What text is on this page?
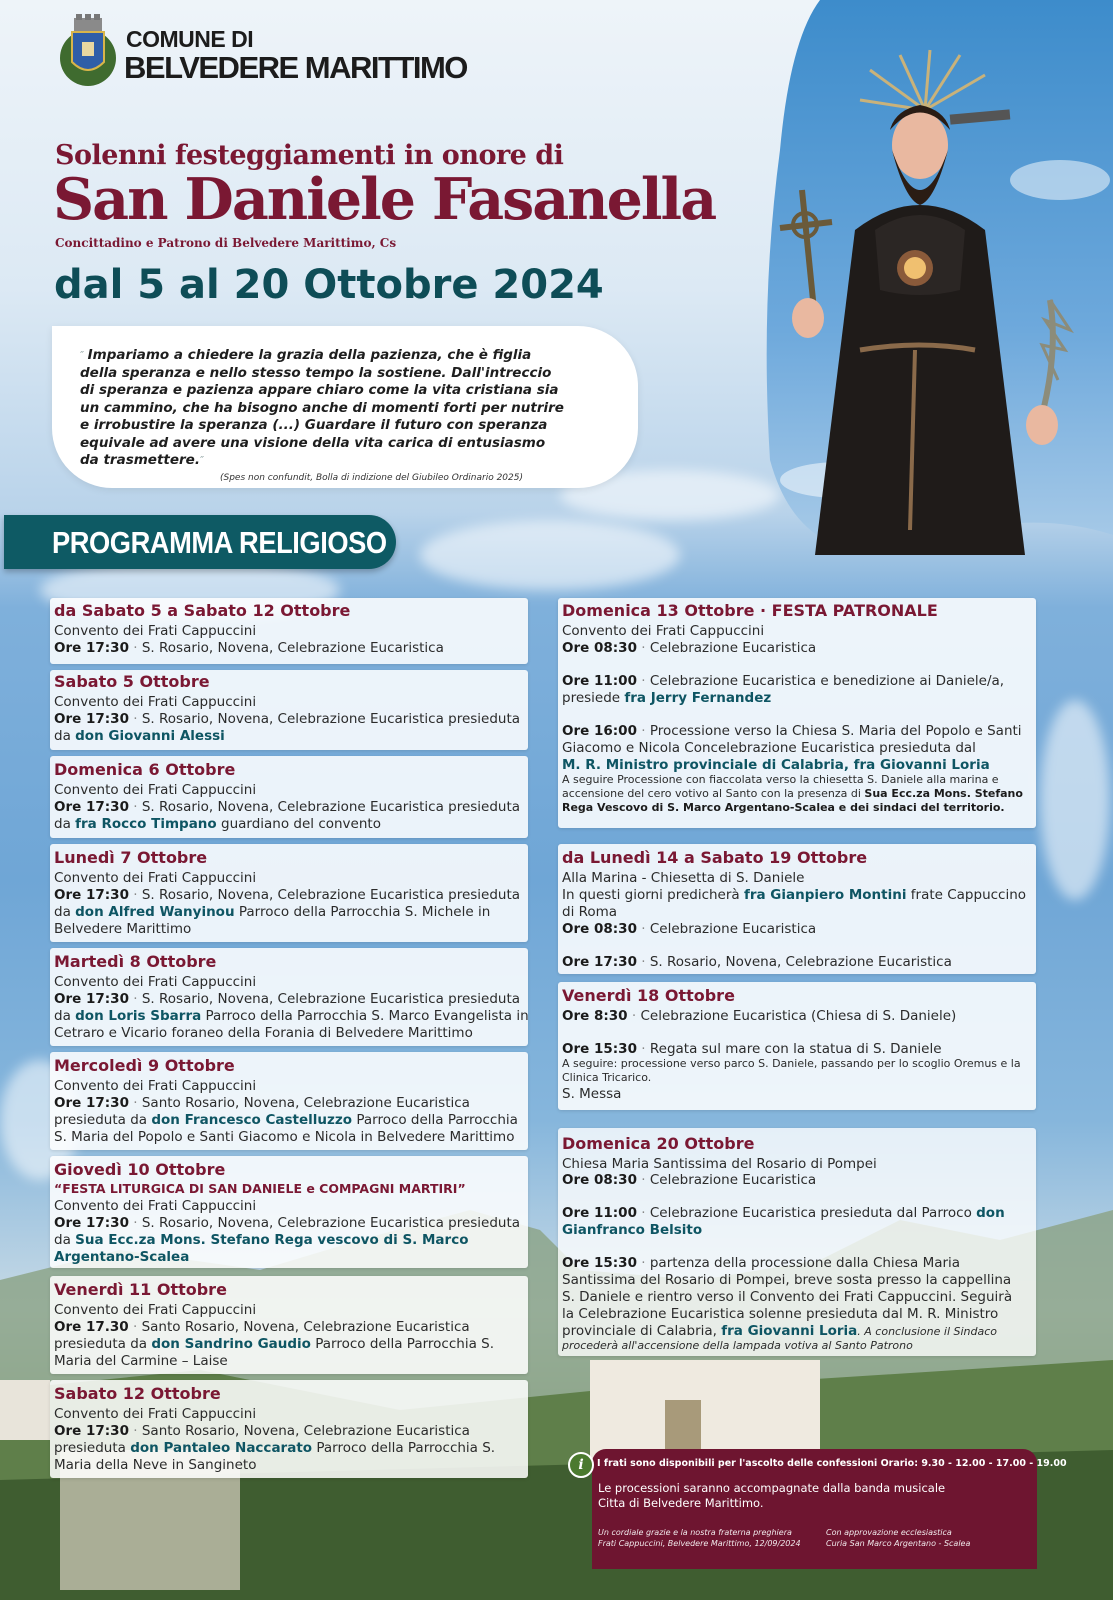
COMUNE DI
BELVEDERE MARITTIMO
Solenni festeggiamenti in onore di
San Daniele Fasanella
Concittadino e Patrono di Belvedere Marittimo, Cs
dal 5 al 20 Ottobre 2024
″ Impariamo a chiedere la grazia della pazienza, che è figlia
della speranza e nello stesso tempo la sostiene. Dall'intreccio
di speranza e pazienza appare chiaro come la vita cristiana sia
un cammino, che ha bisogno anche di momenti forti per nutrire
e irrobustire la speranza (...) Guardare il futuro con speranza
equivale ad avere una visione della vita carica di entusiasmo
da trasmettere.″
(Spes non confundit, Bolla di indizione del Giubileo Ordinario 2025)
PROGRAMMA RELIGIOSO
da Sabato 5 a Sabato 12 Ottobre
Convento dei Frati Cappuccini
Ore 17:30 · S. Rosario, Novena, Celebrazione Eucaristica
Sabato 5 Ottobre
Convento dei Frati Cappuccini
Ore 17:30 · S. Rosario, Novena, Celebrazione Eucaristica presieduta
da don Giovanni Alessi
Domenica 6 Ottobre
Convento dei Frati Cappuccini
Ore 17:30 · S. Rosario, Novena, Celebrazione Eucaristica presieduta
da fra Rocco Timpano guardiano del convento
Lunedì 7 Ottobre
Convento dei Frati Cappuccini
Ore 17:30 · S. Rosario, Novena, Celebrazione Eucaristica presieduta
da don Alfred Wanyinou Parroco della Parrocchia S. Michele in
Belvedere Marittimo
Martedì 8 Ottobre
Convento dei Frati Cappuccini
Ore 17:30 · S. Rosario, Novena, Celebrazione Eucaristica presieduta
da don Loris Sbarra Parroco della Parrocchia S. Marco Evangelista in
Cetraro e Vicario foraneo della Forania di Belvedere Marittimo
Mercoledì 9 Ottobre
Convento dei Frati Cappuccini
Ore 17:30 · Santo Rosario, Novena, Celebrazione Eucaristica
presieduta da don Francesco Castelluzzo Parroco della Parrocchia
S. Maria del Popolo e Santi Giacomo e Nicola in Belvedere Marittimo
Giovedì 10 Ottobre
“FESTA LITURGICA DI SAN DANIELE e COMPAGNI MARTIRI”
Convento dei Frati Cappuccini
Ore 17:30 · S. Rosario, Novena, Celebrazione Eucaristica presieduta
da Sua Ecc.za Mons. Stefano Rega vescovo di S. Marco
Argentano-Scalea
Venerdì 11 Ottobre
Convento dei Frati Cappuccini
Ore 17.30 · Santo Rosario, Novena, Celebrazione Eucaristica
presieduta da don Sandrino Gaudio Parroco della Parrocchia S.
Maria del Carmine – Laise
Sabato 12 Ottobre
Convento dei Frati Cappuccini
Ore 17:30 · Santo Rosario, Novena, Celebrazione Eucaristica
presieduta don Pantaleo Naccarato Parroco della Parrocchia S.
Maria della Neve in Sangineto
Domenica 13 Ottobre · FESTA PATRONALE
Convento dei Frati Cappuccini
Ore 08:30 · Celebrazione Eucaristica
Ore 11:00 · Celebrazione Eucaristica e benedizione ai Daniele/a,
presiede fra Jerry Fernandez
Ore 16:00 · Processione verso la Chiesa S. Maria del Popolo e Santi
Giacomo e Nicola Concelebrazione Eucaristica presieduta dal
M. R. Ministro provinciale di Calabria, fra Giovanni Loria
A seguire Processione con fiaccolata verso la chiesetta S. Daniele alla marina e
accensione del cero votivo al Santo con la presenza di Sua Ecc.za Mons. Stefano
Rega Vescovo di S. Marco Argentano-Scalea e dei sindaci del territorio.
da Lunedì 14 a Sabato 19 Ottobre
Alla Marina - Chiesetta di S. Daniele
In questi giorni predicherà fra Gianpiero Montini frate Cappuccino
di Roma
Ore 08:30 · Celebrazione Eucaristica
Ore 17:30 · S. Rosario, Novena, Celebrazione Eucaristica
Venerdì 18 Ottobre
Ore 8:30 · Celebrazione Eucaristica (Chiesa di S. Daniele)
Ore 15:30 · Regata sul mare con la statua di S. Daniele
A seguire: processione verso parco S. Daniele, passando per lo scoglio Oremus e la
Clinica Tricarico.
S. Messa
Domenica 20 Ottobre
Chiesa Maria Santissima del Rosario di Pompei
Ore 08:30 · Celebrazione Eucaristica
Ore 11:00 · Celebrazione Eucaristica presieduta dal Parroco don
Gianfranco Belsito
Ore 15:30 · partenza della processione dalla Chiesa Maria
Santissima del Rosario di Pompei, breve sosta presso la cappellina
S. Daniele e rientro verso il Convento dei Frati Cappuccini. Seguirà
la Celebrazione Eucaristica solenne presieduta dal M. R. Ministro
provinciale di Calabria, fra Giovanni Loria. A conclusione il Sindaco
procederà all'accensione della lampada votiva al Santo Patrono
i	I frati sono disponibili per l'ascolto delle confessioni Orario: 9.30 - 12.00 - 17.00 - 19.00
Le processioni saranno accompagnate dalla banda musicale
Citta di Belvedere Marittimo.
Un cordiale grazie e la nostra fraterna preghiera
Frati Cappuccini, Belvedere Marittimo, 12/09/2024
Con approvazione ecclesiastica
Curia San Marco Argentano - Scalea
